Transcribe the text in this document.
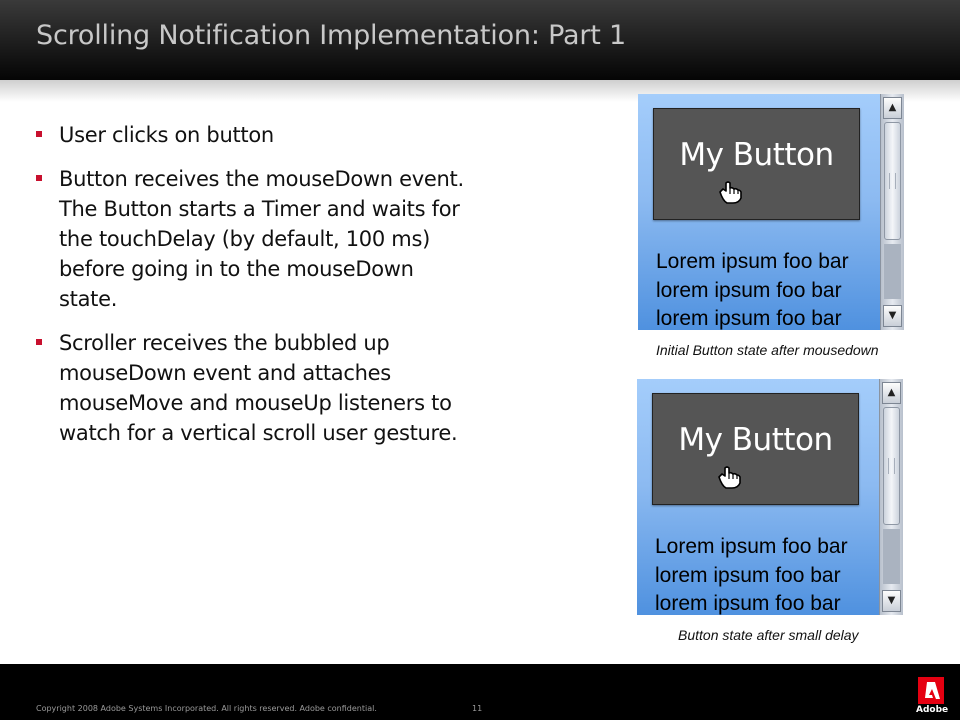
Scrolling Notification Implementation: Part 1
User clicks on button
Button receives the mouseDown event.
The Button starts a Timer and waits for
the touchDelay (by default, 100 ms)
before going in to the mouseDown
state.
Scroller receives the bubbled up
mouseDown event and attaches
mouseMove and mouseUp listeners to
watch for a vertical scroll user gesture.
My Button
Lorem ipsum foo bar
lorem ipsum foo bar
lorem ipsum foo bar
▲
▼
Initial Button state after mousedown
My Button
Lorem ipsum foo bar
lorem ipsum foo bar
lorem ipsum foo bar
▲
▼
Button state after small delay
Copyright 2008 Adobe Systems Incorporated. All rights reserved. Adobe confidential.	11	Adobe
